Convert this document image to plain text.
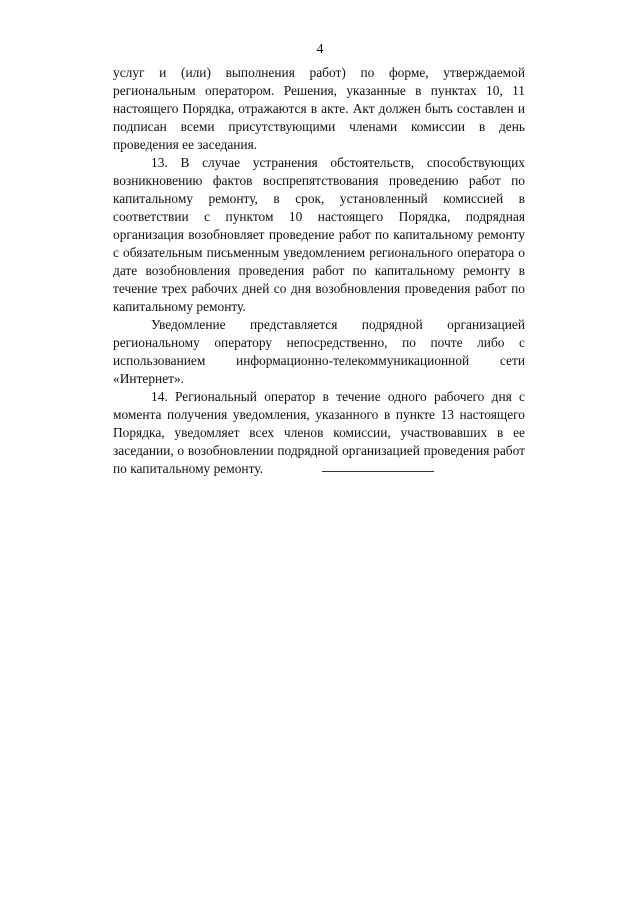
4

услуг и (или) выполнения работ) по форме, утверждаемой региональным оператором. Решения, указанные в пунктах 10, 11 настоящего Порядка, отражаются в акте. Акт должен быть составлен и подписан всеми присутствующими членами комиссии в день проведения ее заседания.

13. В случае устранения обстоятельств, способствующих возникновению фактов воспрепятствования проведению работ по капитальному ремонту, в срок, установленный комиссией в соответствии с пунктом 10 настоящего Порядка, подрядная организация возобновляет проведение работ по капитальному ремонту с обязательным письменным уведомлением регионального оператора о дате возобновления проведения работ по капитальному ремонту в течение трех рабочих дней со дня возобновления проведения работ по капитальному ремонту.

Уведомление представляется подрядной организацией региональному оператору непосредственно, по почте либо с использованием информационно-телекоммуникационной сети «Интернет».

14. Региональный оператор в течение одного рабочего дня с момента получения уведомления, указанного в пункте 13 настоящего Порядка, уведомляет всех членов комиссии, участвовавших в ее заседании, о возобновлении подрядной организацией проведения работ по капитальному ремонту.
